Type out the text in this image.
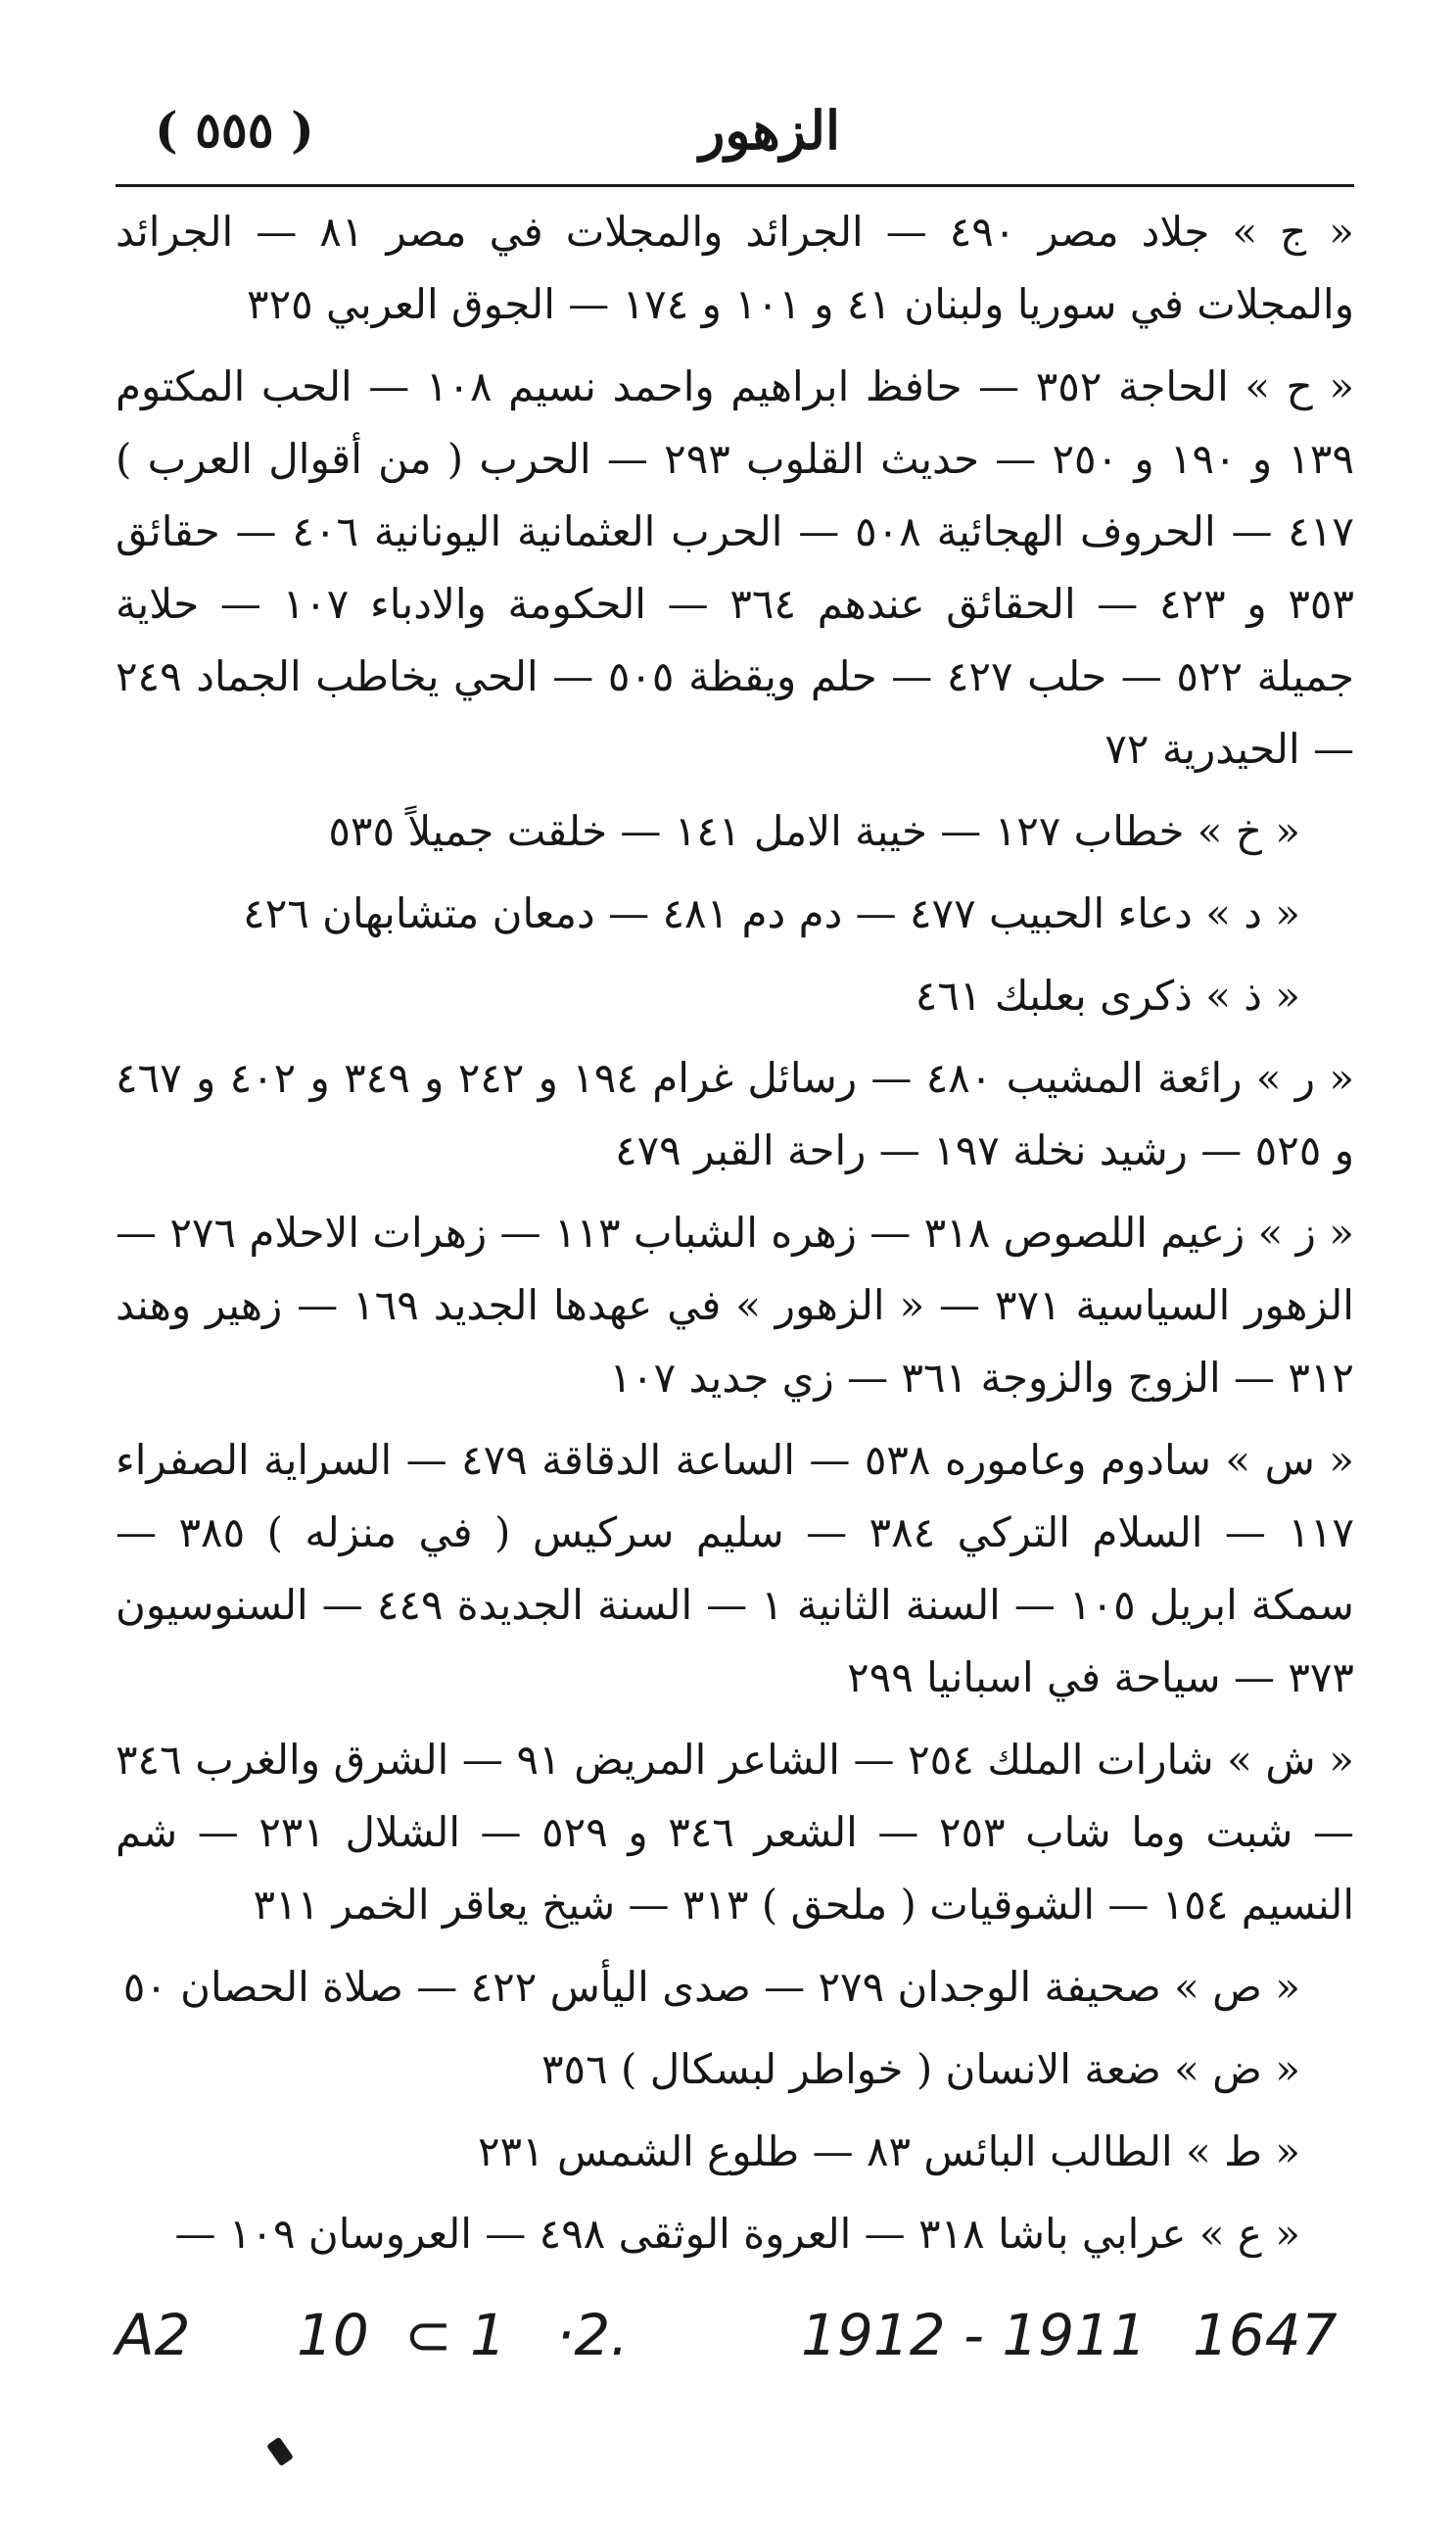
الزهور
( ٥٥٥ )

« ج » جلاد مصر ٤٩٠ — الجرائد والمجلات في مصر ٨١ — الجرائد والمجلات في سوريا ولبنان ٤١ و ١٠١ و ١٧٤ — الجوق العربي ٣٢٥

« ح » الحاجة ٣٥٢ — حافظ ابراهيم واحمد نسيم ١٠٨ — الحب المكتوم ١٣٩ و ١٩٠ و ٢٥٠ — حديث القلوب ٢٩٣ — الحرب ( من أقوال العرب ) ٤١٧ — الحروف الهجائية ٥٠٨ — الحرب العثمانية اليونانية ٤٠٦ — حقائق ٣٥٣ و ٤٢٣ — الحقائق عندهم ٣٦٤ — الحكومة والادباء ١٠٧ — حلاية جميلة ٥٢٢ — حلب ٤٢٧ — حلم ويقظة ٥٠٥ — الحي يخاطب الجماد ٢٤٩ — الحيدرية ٧٢

« خ » خطاب ١٢٧ — خيبة الامل ١٤١ — خلقت جميلاً ٥٣٥

« د » دعاء الحبيب ٤٧٧ — دم دم ٤٨١ — دمعان متشابهان ٤٢٦

« ذ » ذكرى بعلبك ٤٦١

« ر » رائعة المشيب ٤٨٠ — رسائل غرام ١٩٤ و ٢٤٢ و ٣٤٩ و ٤٠٢ و ٤٦٧ و ٥٢٥ — رشيد نخلة ١٩٧ — راحة القبر ٤٧٩

« ز » زعيم اللصوص ٣١٨ — زهره الشباب ١١٣ — زهرات الاحلام ٢٧٦ — الزهور السياسية ٣٧١ — « الزهور » في عهدها الجديد ١٦٩ — زهير وهند ٣١٢ — الزوج والزوجة ٣٦١ — زي جديد ١٠٧

« س » سادوم وعاموره ٥٣٨ — الساعة الدقاقة ٤٧٩ — السراية الصفراء ١١٧ — السلام التركي ٣٨٤ — سليم سركيس ( في منزله ) ٣٨٥ — سمكة ابريل ١٠٥ — السنة الثانية ١ — السنة الجديدة ٤٤٩ — السنوسيون ٣٧٣ — سياحة في اسبانيا ٢٩٩

« ش » شارات الملك ٢٥٤ — الشاعر المريض ٩١ — الشرق والغرب ٣٤٦ — شبت وما شاب ٢٥٣ — الشعر ٣٤٦ و ٥٢٩ — الشلال ٢٣١ — شم النسيم ١٥٤ — الشوقيات ( ملحق ) ٣١٣ — شيخ يعاقر الخمر ٣١١

« ص » صحيفة الوجدان ٢٧٩ — صدى اليأس ٤٢٢ — صلاة الحصان ٥٠

« ض » ضعة الانسان ( خواطر لبسكال ) ٣٥٦

« ط » الطالب البائس ٨٣ — طلوع الشمس ٢٣١

« ع » عرابي باشا ٣١٨ — العروة الوثقى ٤٩٨ — العروسان ١٠٩ —

A2 10 ⊂ 1 ·2.	1912 - 1911 1647
